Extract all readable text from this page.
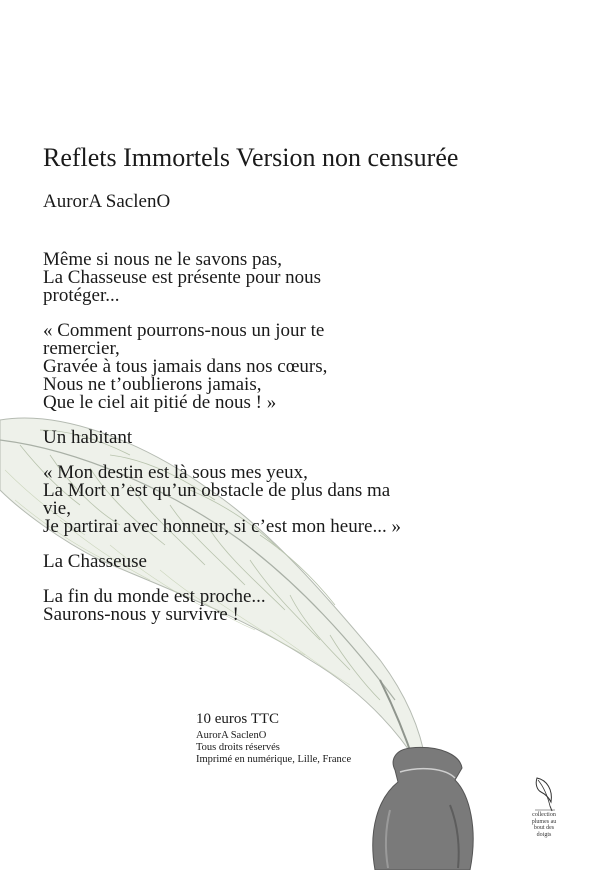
Reflets Immortels Version non censurée
AurorA SaclenO

Même si nous ne le savons pas,
La Chasseuse est présente pour nous
protéger...

« Comment pourrons-nous un jour te
remercier,
Gravée à tous jamais dans nos cœurs,
Nous ne t’oublierons jamais,
Que le ciel ait pitié de nous ! »

Un habitant

« Mon destin est là sous mes yeux,
La Mort n’est qu’un obstacle de plus dans ma
vie,
Je partirai avec honneur, si c’est mon heure... »

La Chasseuse

La fin du monde est proche...
Saurons-nous y survivre !

10 euros TTC
AurorA SaclenO
Tous droits réservés
Imprimé en numérique, Lille, France
collection
plumes au
bout des
doigts
